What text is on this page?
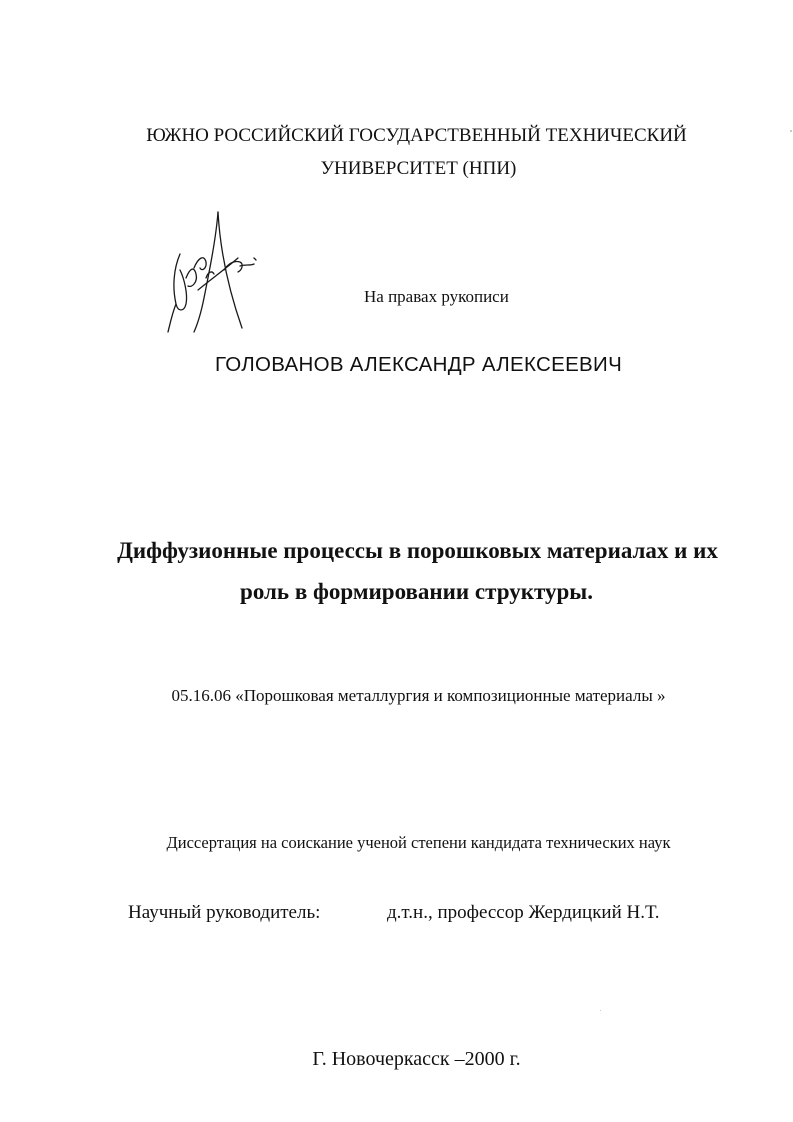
ЮЖНО РОССИЙСКИЙ ГОСУДАРСТВЕННЫЙ ТЕХНИЧЕСКИЙ
УНИВЕРСИТЕТ (НПИ)
На правах рукописи
ГОЛОВАНОВ АЛЕКСАНДР АЛЕКСЕЕВИЧ
Диффузионные процессы в порошковых материалах и их
роль в формировании структуры.
05.16.06 «Порошковая металлургия и композиционные материалы »
Диссертация на соискание ученой степени кандидата технических наук
Научный руководитель:	д.т.н., профессор Жердицкий Н.Т.
Г. Новочеркасск –2000 г.
